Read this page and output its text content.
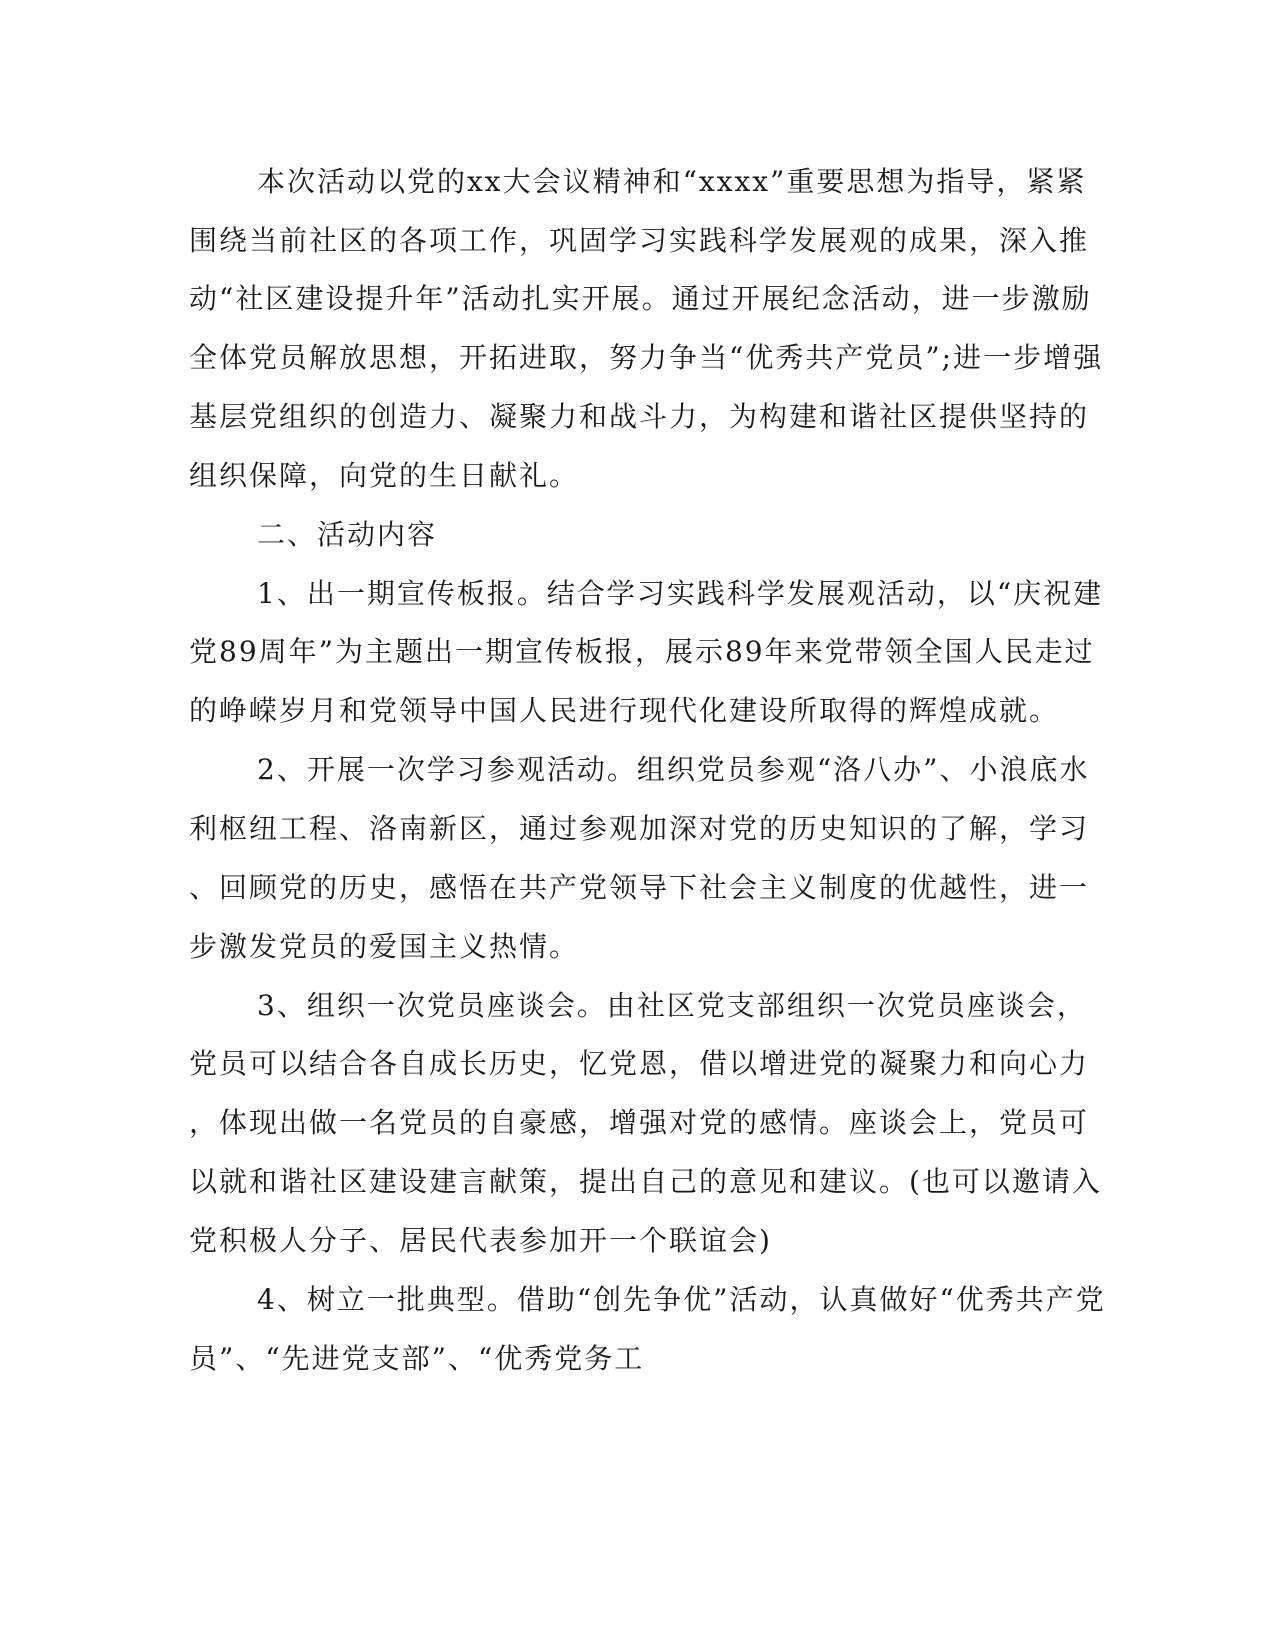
本次活动以党的xx大会议精神和“xxxx”重要思想为指导，紧紧
围绕当前社区的各项工作，巩固学习实践科学发展观的成果，深入推
动“社区建设提升年”活动扎实开展。通过开展纪念活动，进一步激励
全体党员解放思想，开拓进取，努力争当“优秀共产党员”;进一步增强
基层党组织的创造力、凝聚力和战斗力，为构建和谐社区提供坚持的
组织保障，向党的生日献礼。
二、活动内容
1、出一期宣传板报。结合学习实践科学发展观活动，以“庆祝建
党89周年”为主题出一期宣传板报，展示89年来党带领全国人民走过
的峥嵘岁月和党领导中国人民进行现代化建设所取得的辉煌成就。
2、开展一次学习参观活动。组织党员参观“洛八办”、小浪底水
利枢纽工程、洛南新区，通过参观加深对党的历史知识的了解，学习
、回顾党的历史，感悟在共产党领导下社会主义制度的优越性，进一
步激发党员的爱国主义热情。
3、组织一次党员座谈会。由社区党支部组织一次党员座谈会，
党员可以结合各自成长历史，忆党恩，借以增进党的凝聚力和向心力
，体现出做一名党员的自豪感，增强对党的感情。座谈会上，党员可
以就和谐社区建设建言献策，提出自己的意见和建议。(也可以邀请入
党积极人分子、居民代表参加开一个联谊会)
4、树立一批典型。借助“创先争优”活动，认真做好“优秀共产党
员”、“先进党支部”、“优秀党务工
